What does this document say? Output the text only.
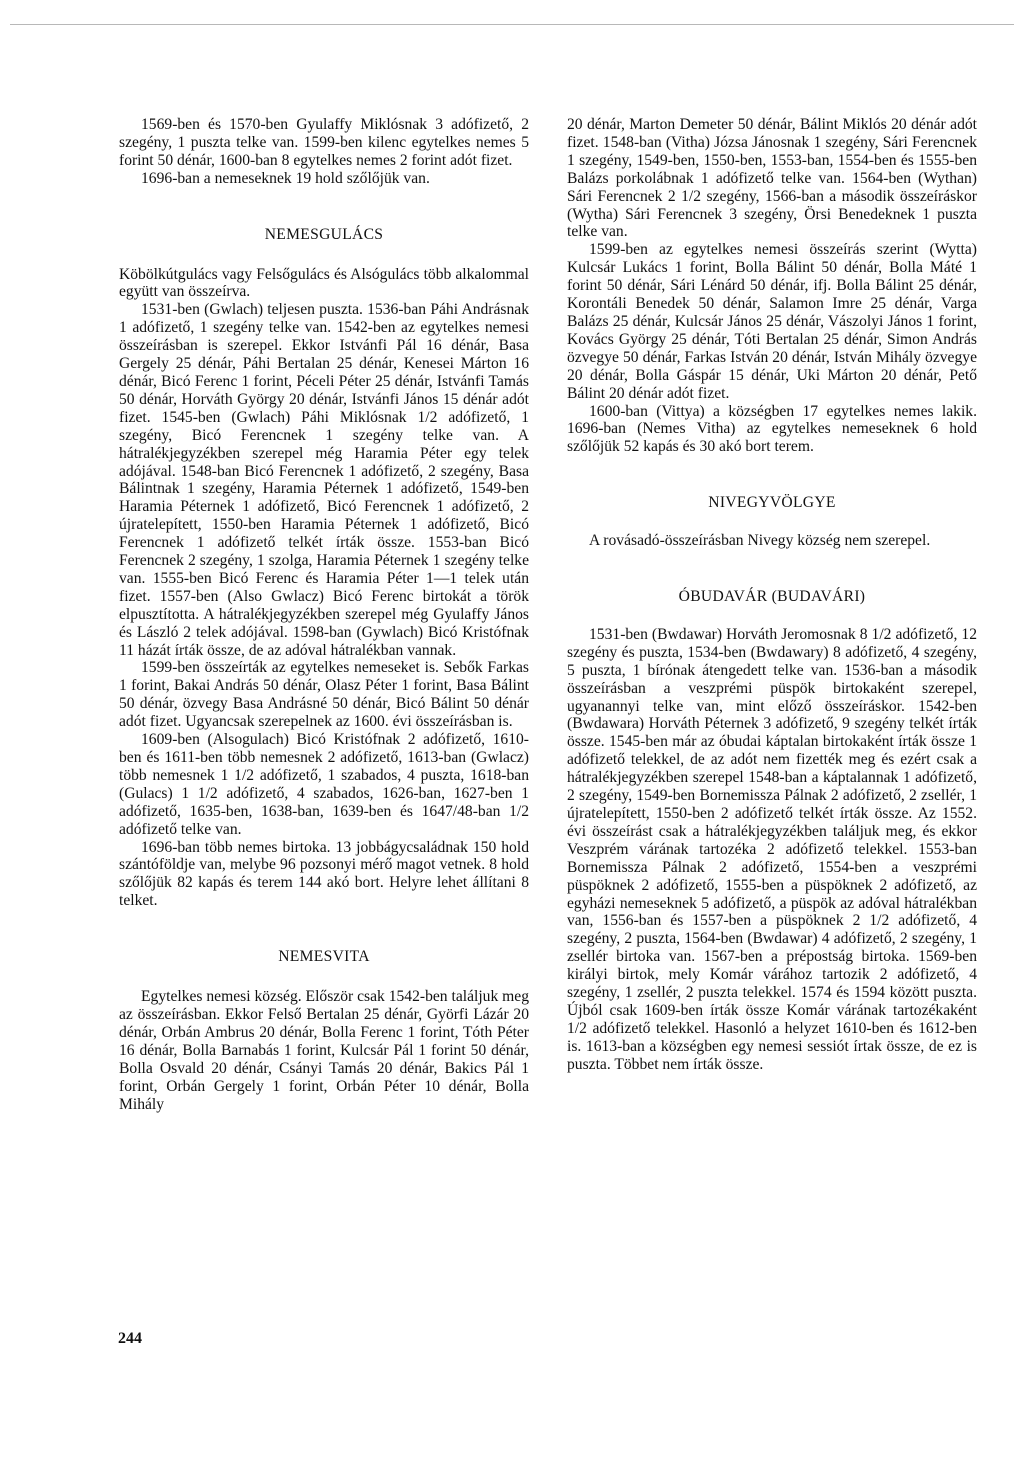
1569-ben és 1570-ben Gyulaffy Miklósnak 3 adófizető, 2 szegény, 1 puszta telke van. 1599-ben kilenc egytelkes nemes 5 forint 50 dénár, 1600-ban 8 egytelkes nemes 2 forint adót fizet.

1696-ban a nemeseknek 19 hold szőlőjük van.

NEMESGULÁCS

Köbölkútgulács vagy Felsőgulács és Alsógulács több alkalommal együtt van összeírva.

1531-ben (Gwlach) teljesen puszta. 1536-ban Páhi Andrásnak 1 adófizető, 1 szegény telke van. 1542-ben az egytelkes nemesi összeírásban is szerepel. Ekkor Istvánfi Pál 16 dénár, Basa Gergely 25 dénár, Páhi Bertalan 25 dénár, Kenesei Márton 16 dénár, Bicó Ferenc 1 forint, Péceli Péter 25 dénár, Istvánfi Tamás 50 dénár, Horváth György 20 dénár, Istvánfi János 15 dénár adót fizet. 1545-ben (Gwlach) Páhi Miklósnak 1/2 adófizető, 1 szegény, Bicó Ferencnek 1 szegény telke van. A hátralékjegyzékben szerepel még Haramia Péter egy telek adójával. 1548-ban Bicó Ferencnek 1 adófizető, 2 szegény, Basa Bálintnak 1 szegény, Haramia Péternek 1 adófizető, 1549-ben Haramia Péternek 1 adófizető, Bicó Ferencnek 1 adófizető, 2 újratelepített, 1550-ben Haramia Péternek 1 adófizető, Bicó Ferencnek 1 adófizető telkét írták össze. 1553-ban Bicó Ferencnek 2 szegény, 1 szolga, Haramia Péternek 1 szegény telke van. 1555-ben Bicó Ferenc és Haramia Péter 1—1 telek után fizet. 1557-ben (Also Gwlacz) Bicó Ferenc birtokát a török elpusztította. A hátralékjegyzékben szerepel még Gyulaffy János és László 2 telek adójával. 1598-ban (Gywlach) Bicó Kristófnak 11 házát írták össze, de az adóval hátralékban vannak.

1599-ben összeírták az egytelkes nemeseket is. Sebők Farkas 1 forint, Bakai András 50 dénár, Olasz Péter 1 forint, Basa Bálint 50 dénár, özvegy Basa Andrásné 50 dénár, Bicó Bálint 50 dénár adót fizet. Ugyancsak szerepelnek az 1600. évi összeírásban is.

1609-ben (Alsogulach) Bicó Kristófnak 2 adófizető, 1610-ben és 1611-ben több nemesnek 2 adófizető, 1613-ban (Gwlacz) több nemesnek 1 1/2 adófizető, 1 szabados, 4 puszta, 1618-ban (Gulacs) 1 1/2 adófizető, 4 szabados, 1626-ban, 1627-ben 1 adófizető, 1635-ben, 1638-ban, 1639-ben és 1647/48-ban 1/2 adófizető telke van.

1696-ban több nemes birtoka. 13 jobbágycsaládnak 150 hold szántóföldje van, melybe 96 pozsonyi mérő magot vetnek. 8 hold szőlőjük 82 kapás és terem 144 akó bort. Helyre lehet állítani 8 telket.

NEMESVITA

Egytelkes nemesi község. Először csak 1542-ben találjuk meg az összeírásban. Ekkor Felső Bertalan 25 dénár, Györfi Lázár 20 dénár, Orbán Ambrus 20 dénár, Bolla Ferenc 1 forint, Tóth Péter 16 dénár, Bolla Barnabás 1 forint, Kulcsár Pál 1 forint 50 dénár, Bolla Osvald 20 dénár, Csányi Tamás 20 dénár, Bakics Pál 1 forint, Orbán Gergely 1 forint, Orbán Péter 10 dénár, Bolla Mihály

20 dénár, Marton Demeter 50 dénár, Bálint Miklós 20 dénár adót fizet. 1548-ban (Vitha) Józsa Jánosnak 1 szegény, Sári Ferencnek 1 szegény, 1549-ben, 1550-ben, 1553-ban, 1554-ben és 1555-ben Balázs porkolábnak 1 adófizető telke van. 1564-ben (Wythan) Sári Ferencnek 2 1/2 szegény, 1566-ban a második összeíráskor (Wytha) Sári Ferencnek 3 szegény, Örsi Benedeknek 1 puszta telke van.

1599-ben az egytelkes nemesi összeírás szerint (Wytta) Kulcsár Lukács 1 forint, Bolla Bálint 50 dénár, Bolla Máté 1 forint 50 dénár, Sári Lénárd 50 dénár, ifj. Bolla Bálint 25 dénár, Korontáli Benedek 50 dénár, Salamon Imre 25 dénár, Varga Balázs 25 dénár, Kulcsár János 25 dénár, Vászolyi János 1 forint, Kovács György 25 dénár, Tóti Bertalan 25 dénár, Simon András özvegye 50 dénár, Farkas István 20 dénár, István Mihály özvegye 20 dénár, Bolla Gáspár 15 dénár, Uki Márton 20 dénár, Pető Bálint 20 dénár adót fizet.

1600-ban (Vittya) a községben 17 egytelkes nemes lakik. 1696-ban (Nemes Vitha) az egytelkes nemeseknek 6 hold szőlőjük 52 kapás és 30 akó bort terem.

NIVEGYVÖLGYE

A rovásadó-összeírásban Nivegy község nem szerepel.

ÓBUDAVÁR (BUDAVÁRI)

1531-ben (Bwdawar) Horváth Jeromosnak 8 1/2 adófizető, 12 szegény és puszta, 1534-ben (Bwdawary) 8 adófizető, 4 szegény, 5 puszta, 1 bírónak átengedett telke van. 1536-ban a második összeírásban a veszprémi püspök birtokaként szerepel, ugyanannyi telke van, mint előző összeíráskor. 1542-ben (Bwdawara) Horváth Péternek 3 adófizető, 9 szegény telkét írták össze. 1545-ben már az óbudai káptalan birtokaként írták össze 1 adófizető telekkel, de az adót nem fizették meg és ezért csak a hátralékjegyzékben szerepel 1548-ban a káptalannak 1 adófizető, 2 szegény, 1549-ben Bornemissza Pálnak 2 adófizető, 2 zsellér, 1 újratelepített, 1550-ben 2 adófizető telkét írták össze. Az 1552. évi összeírást csak a hátralékjegyzékben találjuk meg, és ekkor Veszprém várának tartozéka 2 adófizető telekkel. 1553-ban Bornemissza Pálnak 2 adófizető, 1554-ben a veszprémi püspöknek 2 adófizető, 1555-ben a püspöknek 2 adófizető, az egyházi nemeseknek 5 adófizető, a püspök az adóval hátralékban van, 1556-ban és 1557-ben a püspöknek 2 1/2 adófizető, 4 szegény, 2 puszta, 1564-ben (Bwdawar) 4 adófizető, 2 szegény, 1 zsellér birtoka van. 1567-ben a prépostság birtoka. 1569-ben királyi birtok, mely Komár várához tartozik 2 adófizető, 4 szegény, 1 zsellér, 2 puszta telekkel. 1574 és 1594 között puszta. Újból csak 1609-ben írták össze Komár várának tartozékaként 1/2 adófizető telekkel. Hasonló a helyzet 1610-ben és 1612-ben is. 1613-ban a községben egy nemesi sessiót írtak össze, de ez is puszta. Többet nem írták össze.

244
